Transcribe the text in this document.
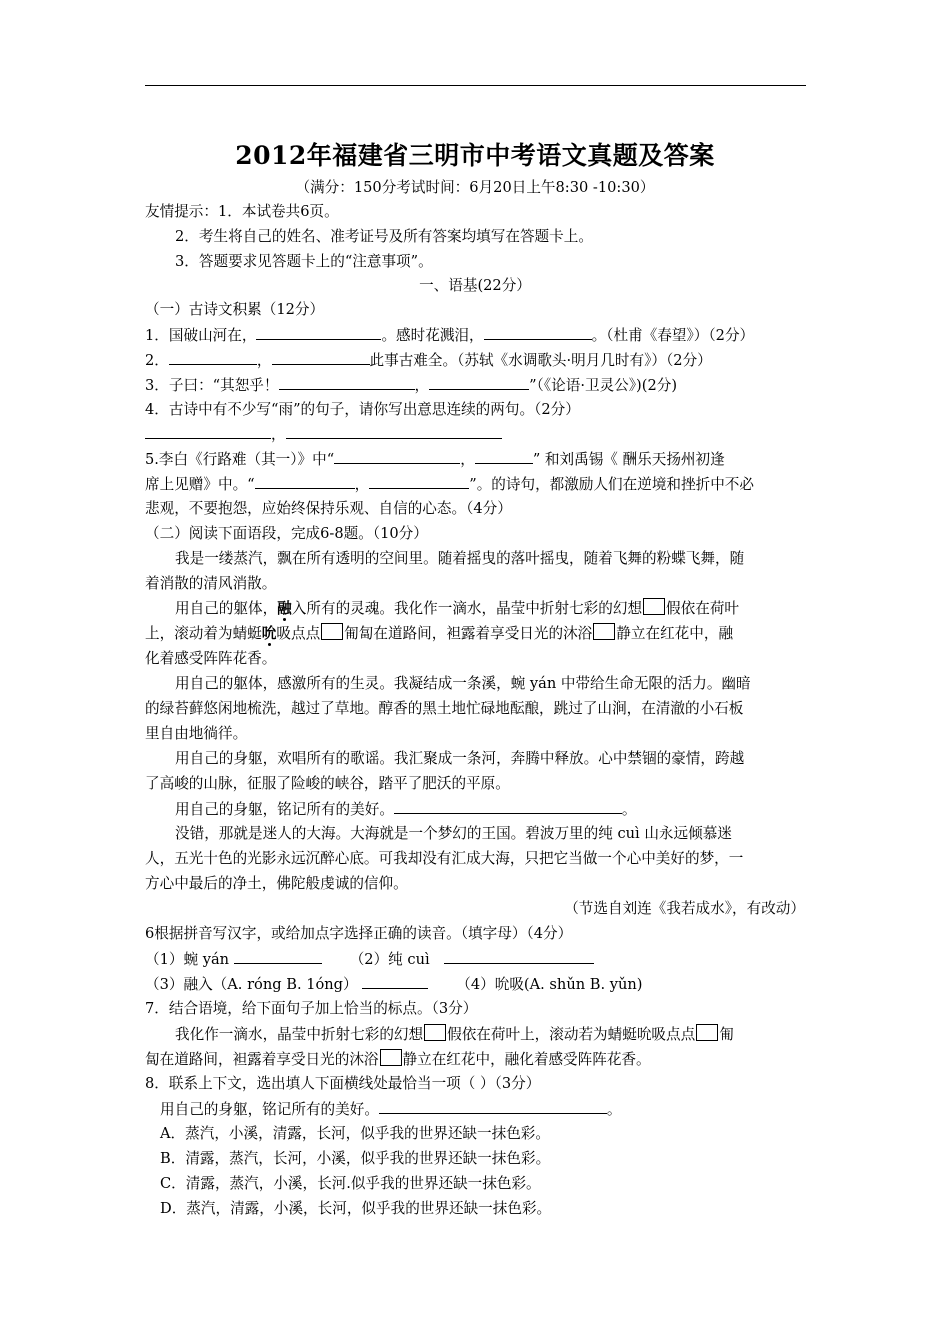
2012年福建省三明市中考语文真题及答案
（满分：150分考试时间：6月20日上午8:30 -10:30）
友情提示：1．本试卷共6页。
2．考生将自己的姓名、准考证号及所有答案均填写在答题卡上。
3．答题要求见答题卡上的“注意事项”。
一、语基(22分）
（一）古诗文积累（12分）
1．国破山河在，	。感时花溅泪，	。（杜甫《春望》）（2分）
2．	，	此事古难全。（苏轼《水调歌头·明月几时有》）（2分）
3．子曰：“其恕乎！	，	”（《论语·卫灵公》)(2分)
4．古诗中有不少写“雨”的句子，请你写出意思连续的两句。（2分）
，
5.李白《行路难（其一）》中“	，	” 和刘禹锡《 酬乐天扬州初逢
席上见赠》中。“	，	”。的诗句，都激励人们在逆境和挫折中不必
悲观，不要抱怨，应始终保持乐观、自信的心态。（4分）
（二）阅读下面语段，完成6-8题。（10分）
我是一缕蒸汽，飘在所有透明的空间里。随着摇曳的落叶摇曳，随着飞舞的粉蝶飞舞，随
着消散的清风消散。
用自己的躯体，融入所有的灵魂。我化作一滴水，晶莹中折射七彩的幻想 假依在荷叶
上，滚动着为蜻蜓吮吸点点 匍匐在道路间，袒露着享受日光的沐浴 静立在红花中，融
化着感受阵阵花香。
用自己的躯体，感激所有的生灵。我凝结成一条溪，蜿 yán 中带给生命无限的活力。幽暗
的绿苔藓悠闲地梳洗，越过了草地。醇香的黑土地忙碌地酝酿，跳过了山涧，在清澈的小石板
里自由地徜徉。
用自己的身躯，欢唱所有的歌谣。我汇聚成一条河，奔腾中释放。心中禁锢的豪情，跨越
了高峻的山脉，征服了险峻的峡谷，踏平了肥沃的平原。
用自己的身躯，铭记所有的美好。	。
没错，那就是迷人的大海。大海就是一个梦幻的王国。碧波万里的纯 cuì 山永远倾慕迷
人，五光十色的光影永远沉醉心底。可我却没有汇成大海，只把它当做一个心中美好的梦，一
方心中最后的净土，佛陀般虔诚的信仰。
（节选自刘连《我若成水》，有改动）
6根据拼音写汉字，或给加点字选择正确的读音。（填字母）（4分）
（1）蜿 yán	（2）纯 cuì
（3）融入（A. róng B. 1óng）	（4）吮吸(A. shǔn B. yǔn)
7．结合语境，给下面句子加上恰当的标点。（3分）
我化作一滴水，晶莹中折射七彩的幻想 假依在荷叶上，滚动若为蜻蜓吮吸点点 匍
匐在道路间，袒露着享受日光的沐浴 静立在红花中，融化着感受阵阵花香。
8．联系上下文，选出填人下面横线处最恰当一项（ ）（3分）
用自己的身躯，铭记所有的美好。	。
A．蒸汽，小溪，清露，长河，似乎我的世界还缺一抹色彩。
B．清露，蒸汽，长河，小溪，似乎我的世界还缺一抹色彩。
C．清露，蒸汽，小溪，长河.似乎我的世界还缺一抹色彩。
D．蒸汽，清露，小溪，长河，似乎我的世界还缺一抹色彩。
